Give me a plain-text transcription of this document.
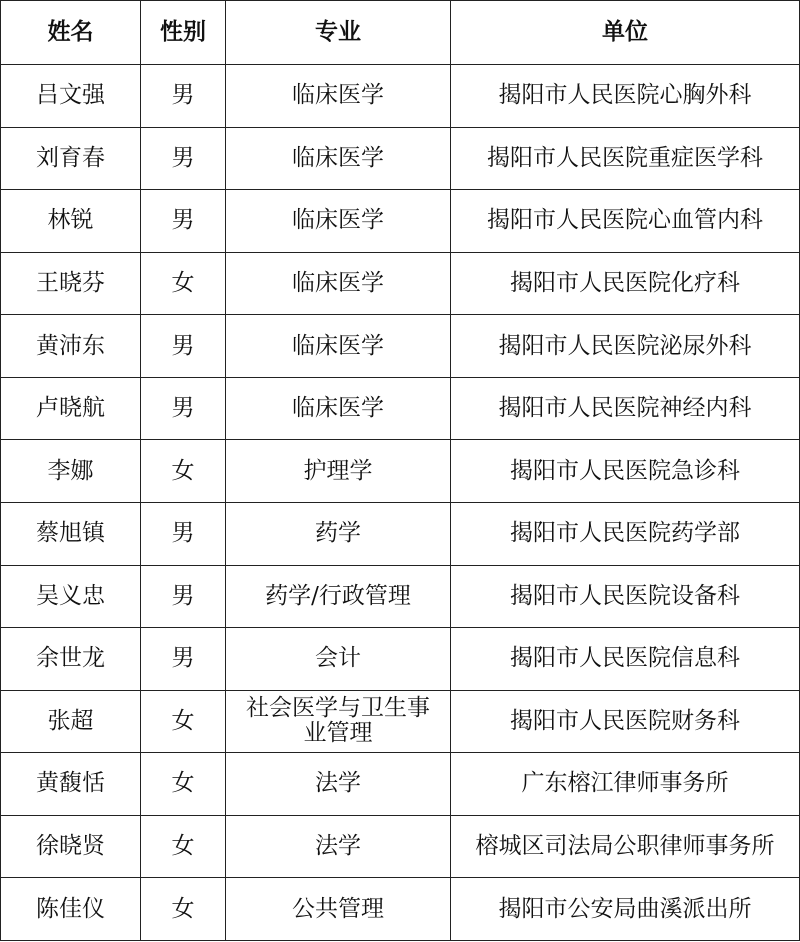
姓名	性别	专业	单位
吕文强	男	临床医学	揭阳市人民医院心胸外科
刘育春	男	临床医学	揭阳市人民医院重症医学科
林锐	男	临床医学	揭阳市人民医院心血管内科
王晓芬	女	临床医学	揭阳市人民医院化疗科
黄沛东	男	临床医学	揭阳市人民医院泌尿外科
卢晓航	男	临床医学	揭阳市人民医院神经内科
李娜	女	护理学	揭阳市人民医院急诊科
蔡旭镇	男	药学	揭阳市人民医院药学部
吴义忠	男	药学/行政管理	揭阳市人民医院设备科
余世龙	男	会计	揭阳市人民医院信息科
张超	女	社会医学与卫生事业管理	揭阳市人民医院财务科
黄馥恬	女	法学	广东榕江律师事务所
徐晓贤	女	法学	榕城区司法局公职律师事务所
陈佳仪	女	公共管理	揭阳市公安局曲溪派出所
